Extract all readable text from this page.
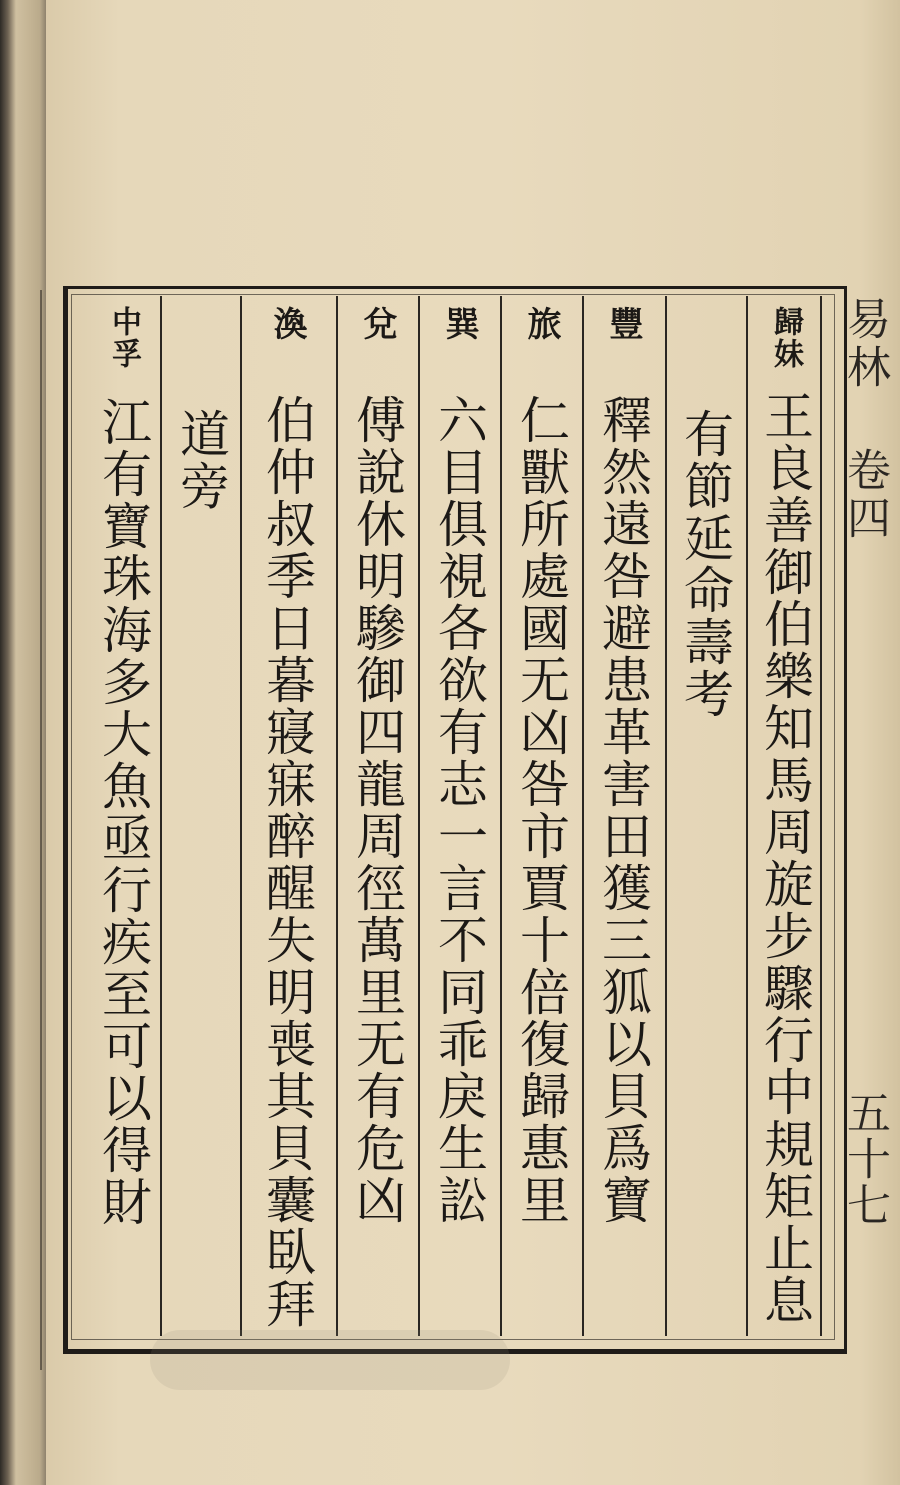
易林 卷四
五十七
歸妹
王良善御伯樂知馬周旋步驟行中規矩止息
有節延命壽考
豐
釋然遠咎避患革害田獲三狐以貝爲寶
旅
仁獸所處國无凶咎市賈十倍復歸惠里
巽
六目俱視各欲有志一言不同乖戾生訟
兌
傅說休明驂御四龍周徑萬里无有危凶
渙
伯仲叔季日暮寢寐醉醒失明喪其貝囊臥拜
道旁
中孚
江有寶珠海多大魚亟行疾至可以得財
